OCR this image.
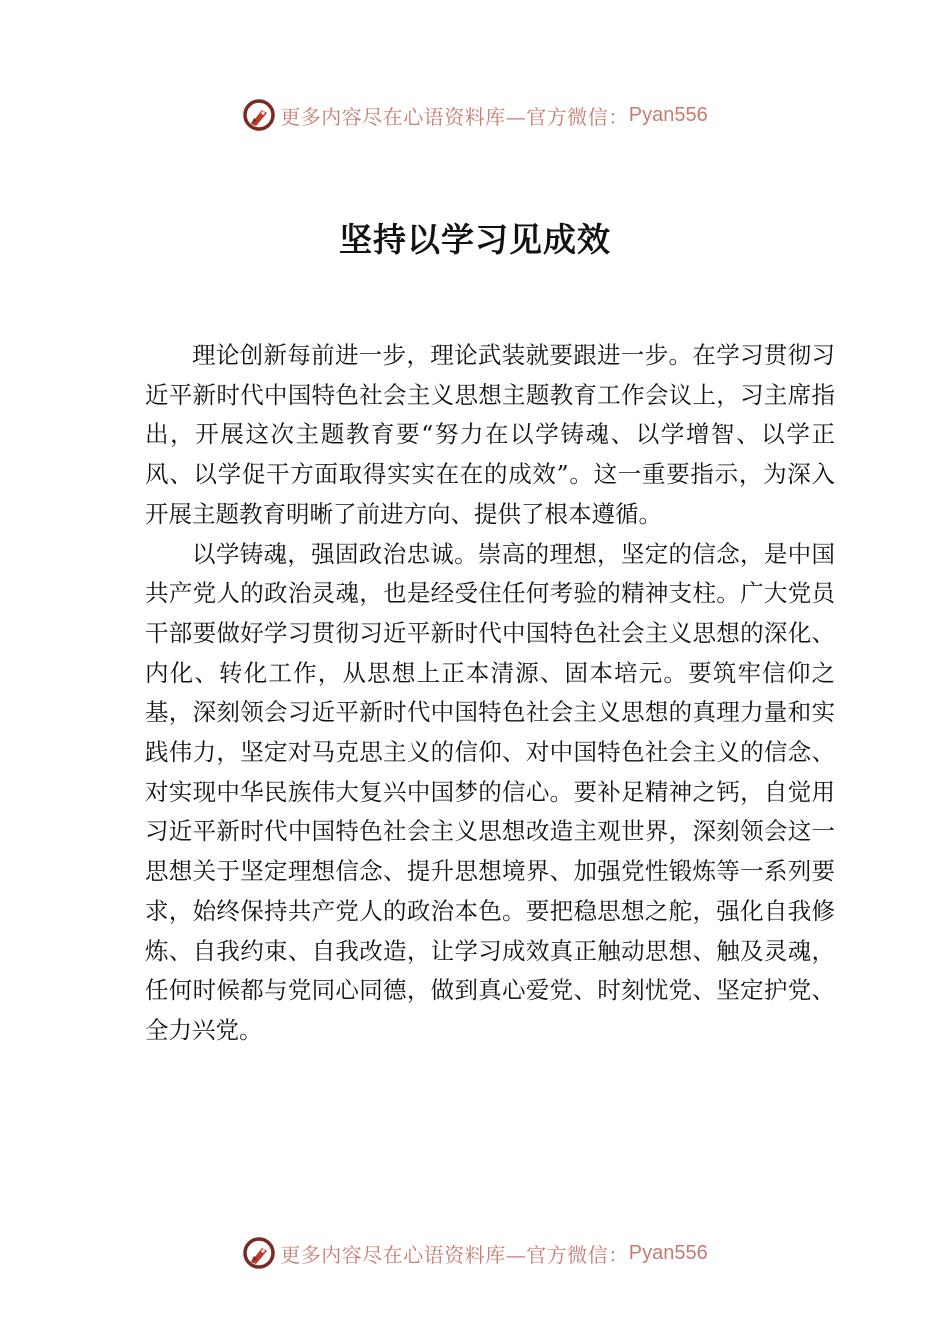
更多内容尽在心语资料库—官方微信： Pyan556
坚持以学习见成效

理论创新每前进一步，理论武装就要跟进一步。在学习贯彻习近平新时代中国特色社会主义思想主题教育工作会议上，习主席指出，开展这次主题教育要“努力在以学铸魂、以学增智、以学正风、以学促干方面取得实实在在的成效”。这一重要指示，为深入开展主题教育明晰了前进方向、提供了根本遵循。

以学铸魂，强固政治忠诚。崇高的理想，坚定的信念，是中国共产党人的政治灵魂，也是经受住任何考验的精神支柱。广大党员干部要做好学习贯彻习近平新时代中国特色社会主义思想的深化、内化、转化工作，从思想上正本清源、固本培元。要筑牢信仰之基，深刻领会习近平新时代中国特色社会主义思想的真理力量和实践伟力，坚定对马克思主义的信仰、对中国特色社会主义的信念、对实现中华民族伟大复兴中国梦的信心。要补足精神之钙，自觉用习近平新时代中国特色社会主义思想改造主观世界，深刻领会这一思想关于坚定理想信念、提升思想境界、加强党性锻炼等一系列要求，始终保持共产党人的政治本色。要把稳思想之舵，强化自我修炼、自我约束、自我改造，让学习成效真正触动思想、触及灵魂，任何时候都与党同心同德，做到真心爱党、时刻忧党、坚定护党、全力兴党。

更多内容尽在心语资料库—官方微信： Pyan556
